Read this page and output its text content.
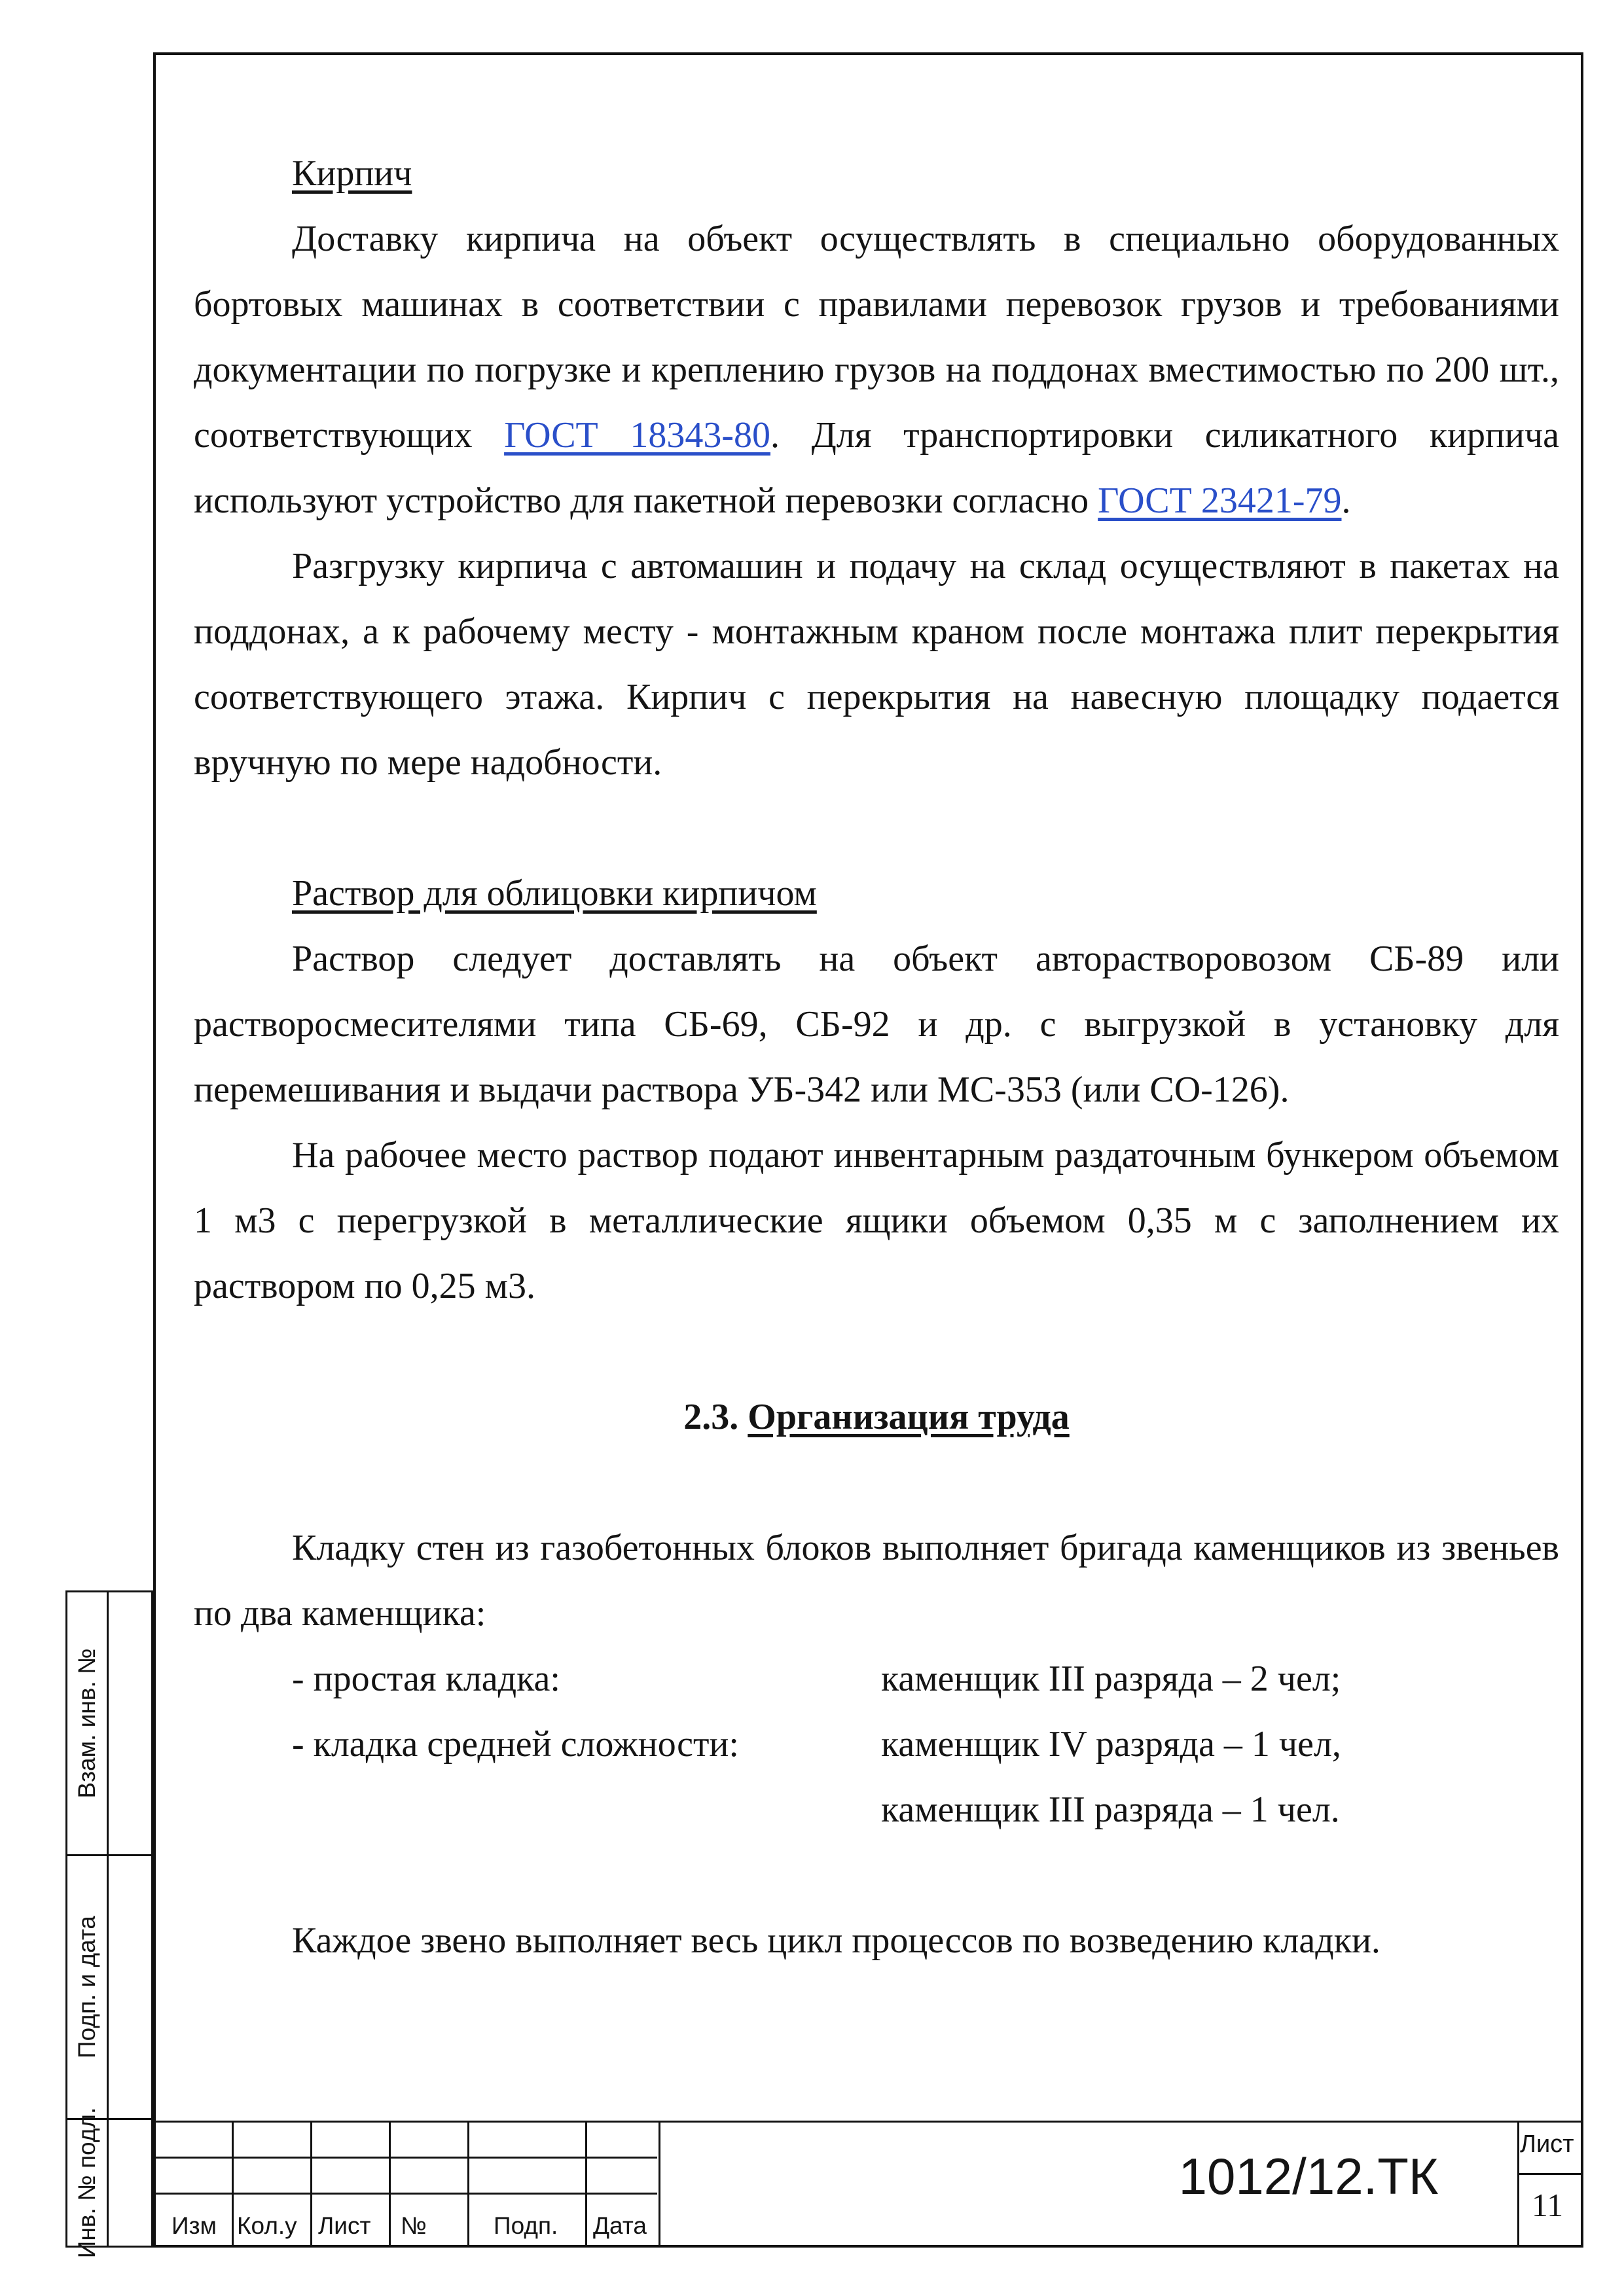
Кирпич

Доставку кирпича на объект осуществлять в специально оборудованных бортовых машинах в соответствии с правилами перевозок грузов и требованиями документации по погрузке и креплению грузов на поддонах вместимостью по 200 шт., соответствующих ГОСТ 18343-80. Для транспортировки силикатного кирпича используют устройство для пакетной перевозки согласно ГОСТ 23421-79.

Разгрузку кирпича с автомашин и подачу на склад осуществляют в пакетах на поддонах, а к рабочему месту - монтажным краном после монтажа плит перекрытия соответствующего этажа. Кирпич с перекрытия на навесную площадку подается вручную по мере надобности.

Раствор для облицовки кирпичом

Раствор следует доставлять на объект авторастворовозом СБ-89 или растворосмесителями типа СБ-69, СБ-92 и др. с выгрузкой в установку для перемешивания и выдачи раствора УБ-342 или МС-353 (или СО-126).

На рабочее место раствор подают инвентарным раздаточным бункером объемом 1 м3 с перегрузкой в металлические ящики объемом 0,35 м с заполнением их раствором по 0,25 м3.

2.3. Организация труда

Кладку стен из газобетонных блоков выполняет бригада каменщиков из звеньев по два каменщика:

- простая кладка:	каменщик III разряда – 2 чел;
- кладка средней сложности:	каменщик IV разряда – 1 чел,
каменщик III разряда – 1 чел.

Каждое звено выполняет весь цикл процессов по возведению кладки.

Взам. инв. №
Подп. и дата
Инв. № подл.	Изм Кол.у Лист №	Подп. Дата
1012/12.ТК
Лист
11
